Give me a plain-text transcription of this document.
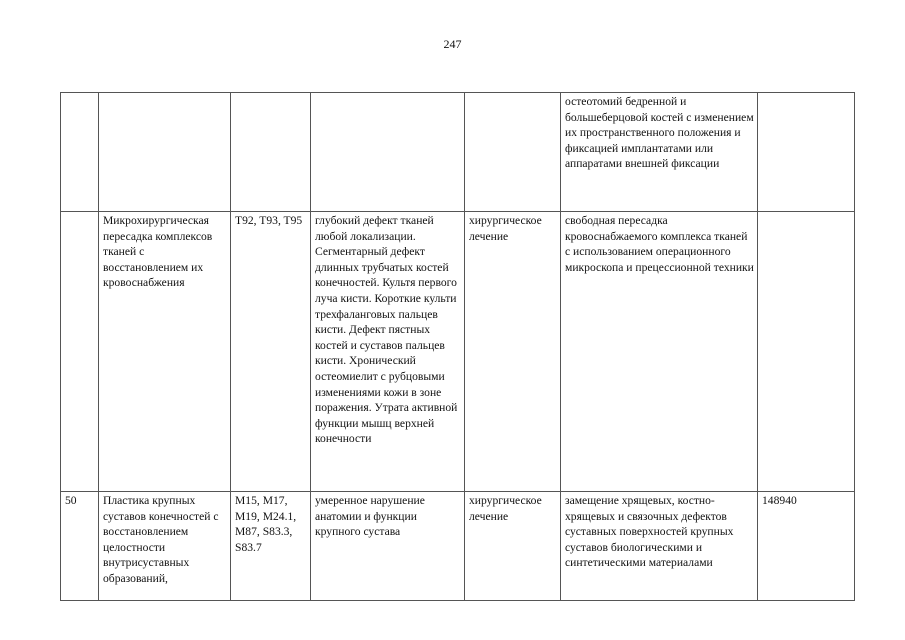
247
					остеотомий бедренной и большеберцовой костей с изменением их пространственного положения и фиксацией имплантатами или аппаратами внешней фиксации	
	Микрохирургическая пересадка комплексов тканей с восстановлением их кровоснабжения	T92, T93, T95	глубокий дефект тканей любой локализации. Сегментарный дефект длинных трубчатых костей конечностей. Культя первого луча кисти. Короткие культи трехфаланговых пальцев кисти. Дефект пястных костей и суставов пальцев кисти. Хронический остеомиелит с рубцовыми изменениями кожи в зоне поражения. Утрата активной функции мышц верхней конечности	хирургическое лечение	свободная пересадка кровоснабжаемого комплекса тканей с использованием операционного микроскопа и прецессионной техники	
50	Пластика крупных суставов конечностей с восстановлением целостности внутрисуставных образований,	M15, M17, M19, M24.1, M87, S83.3, S83.7	умеренное нарушение анатомии и функции крупного сустава	хирургическое лечение	замещение хрящевых, костно-хрящевых и связочных дефектов суставных поверхностей крупных суставов биологическими и синтетическими материалами	148940
